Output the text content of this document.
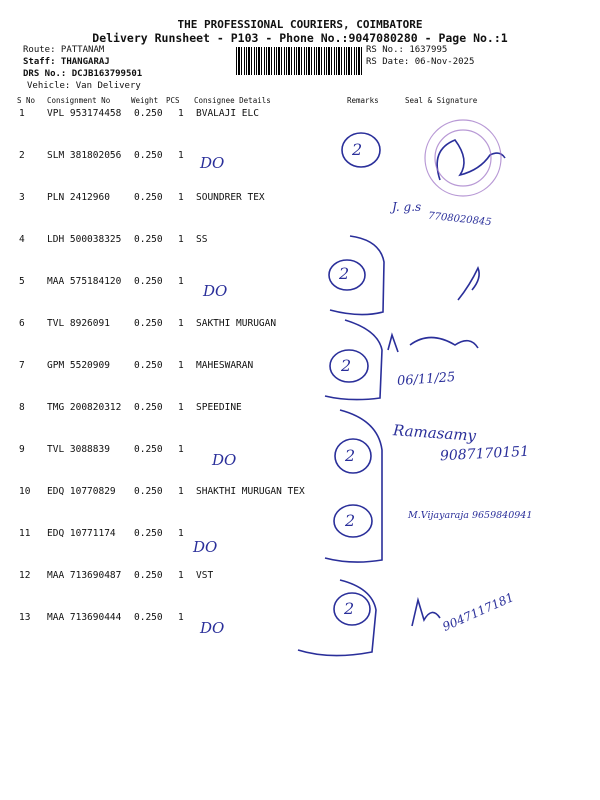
THE PROFESSIONAL COURIERS, COIMBATORE
Delivery Runsheet - P103 - Phone No.:9047080280 - Page No.:1
Route: PATTANAM
Staff: THANGARAJ
DRS No.: DCJB163799501
Vehicle: Van Delivery
RS No.: 1637995
RS Date: 06-Nov-2025
S No Consignment No	Weight PCS Consignee Details	Remarks	Seal & Signature
1 VPL 953174458 0.250 1 BVALAJI ELC
2 SLM 381802056 0.250 1
3 PLN 2412960	0.250 1 SOUNDRER TEX
4 LDH 500038325 0.250 1 SS
5 MAA 575184120 0.250 1
6 TVL 8926091	0.250 1 SAKTHI MURUGAN
7 GPM 5520909	0.250 1 MAHESWARAN
8 TMG 200820312 0.250 1 SPEEDINE
9 TVL 3088839	0.250 1
10 EDQ 10770829 0.250 1 SHAKTHI MURUGAN TEX
11 EDQ 10771174 0.250 1
12 MAA 713690487 0.250 1 VST
13 MAA 713690444 0.250 1
2
2
2
2
2
2
DO
DO
DO
DO
DO
J. g.s
7708020845
06/11/25
Ramasamy
9087170151
M.Vijayaraja 9659840941
9047117181
